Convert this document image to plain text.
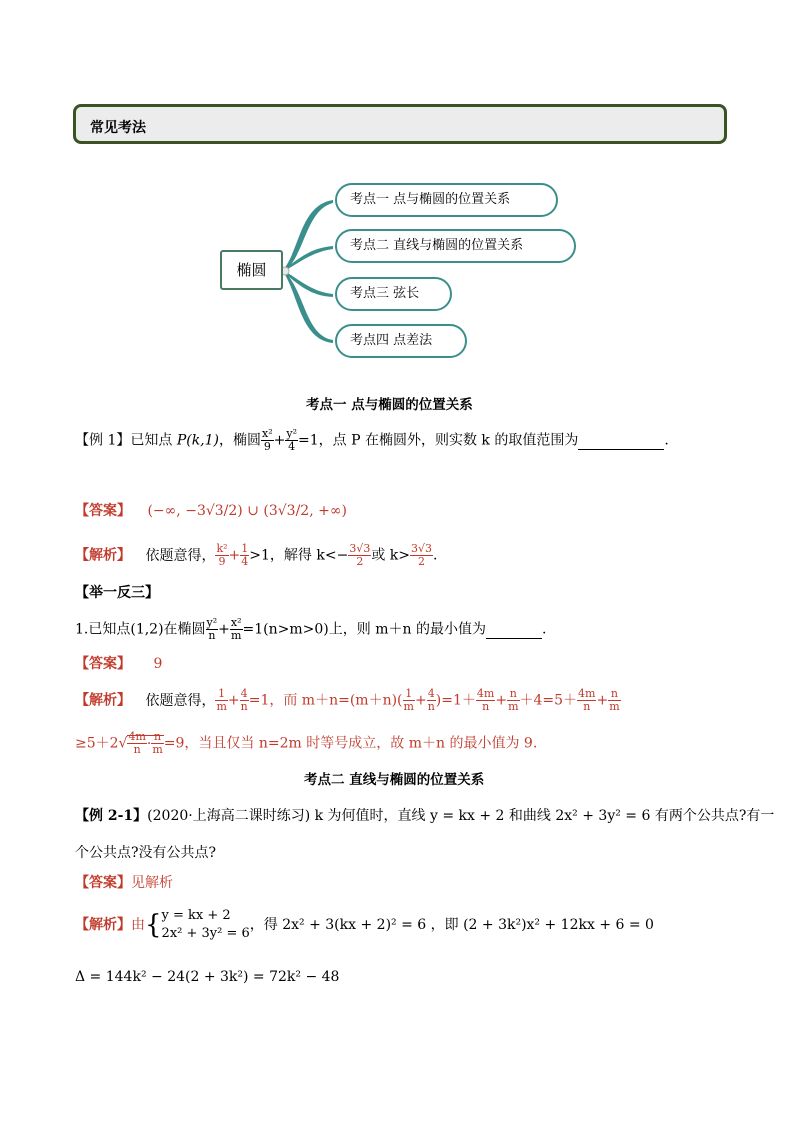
常见考法
椭圆
考点一 点与椭圆的位置关系
考点二 直线与椭圆的位置关系
考点三 弦长
考点四 点差法
考点一 点与椭圆的位置关系
【例 1】已知点 P(k,1)，椭圆 $\frac{\text{x²}}{9} + \frac{\text{y²}}{4} =1$，点 P 在椭圆外，则实数 k 的取值范围为	.
【答案】 (−∞, −3√3/2) ∪ (3√3/2, +∞)
【解析】 依题意得， $\frac{\text{k²}}{9} + \frac{1}{4} >1$，解得 $k<- \frac{3√3}{2}$ 或 $k> \frac{3√3}{2}$ .
【举一反三】
1.已知点(1,2)在椭圆 $\frac{\text{y²}}{n} + \frac{\text{x²}}{m} =1(n>m>0)$上，则 m＋n 的最小值为	.
【答案】 9
【解析】 依题意得， $\frac{1}{m} + \frac{4}{n} =1$，而 $m+n=(m+n)( \frac{1}{m} + \frac{4}{n} )=1+ \frac{4m}{n} + \frac{n}{m} +4=5+ \frac{4m}{n} + \frac{n}{m}$
$\ge 5+2√ \frac{4m}{n} \cdot \frac{n}{m} =9$，当且仅当 n=2m 时等号成立，故 m＋n 的最小值为 9.
考点二 直线与椭圆的位置关系
【例 2-1】(2020·上海高二课时练习) k 为何值时，直线 y = kx + 2 和曲线 2x² + 3y² = 6 有两个公共点?有一
个公共点?没有公共点?
【答案】见解析
【解析】由{ y = kx + 2
2x² + 3y² = 6
，得 2x² + 3(kx + 2)² = 6 ，即 (2 + 3k²)x² + 12kx + 6 = 0
Δ = 144k² − 24(2 + 3k²) = 72k² − 48
